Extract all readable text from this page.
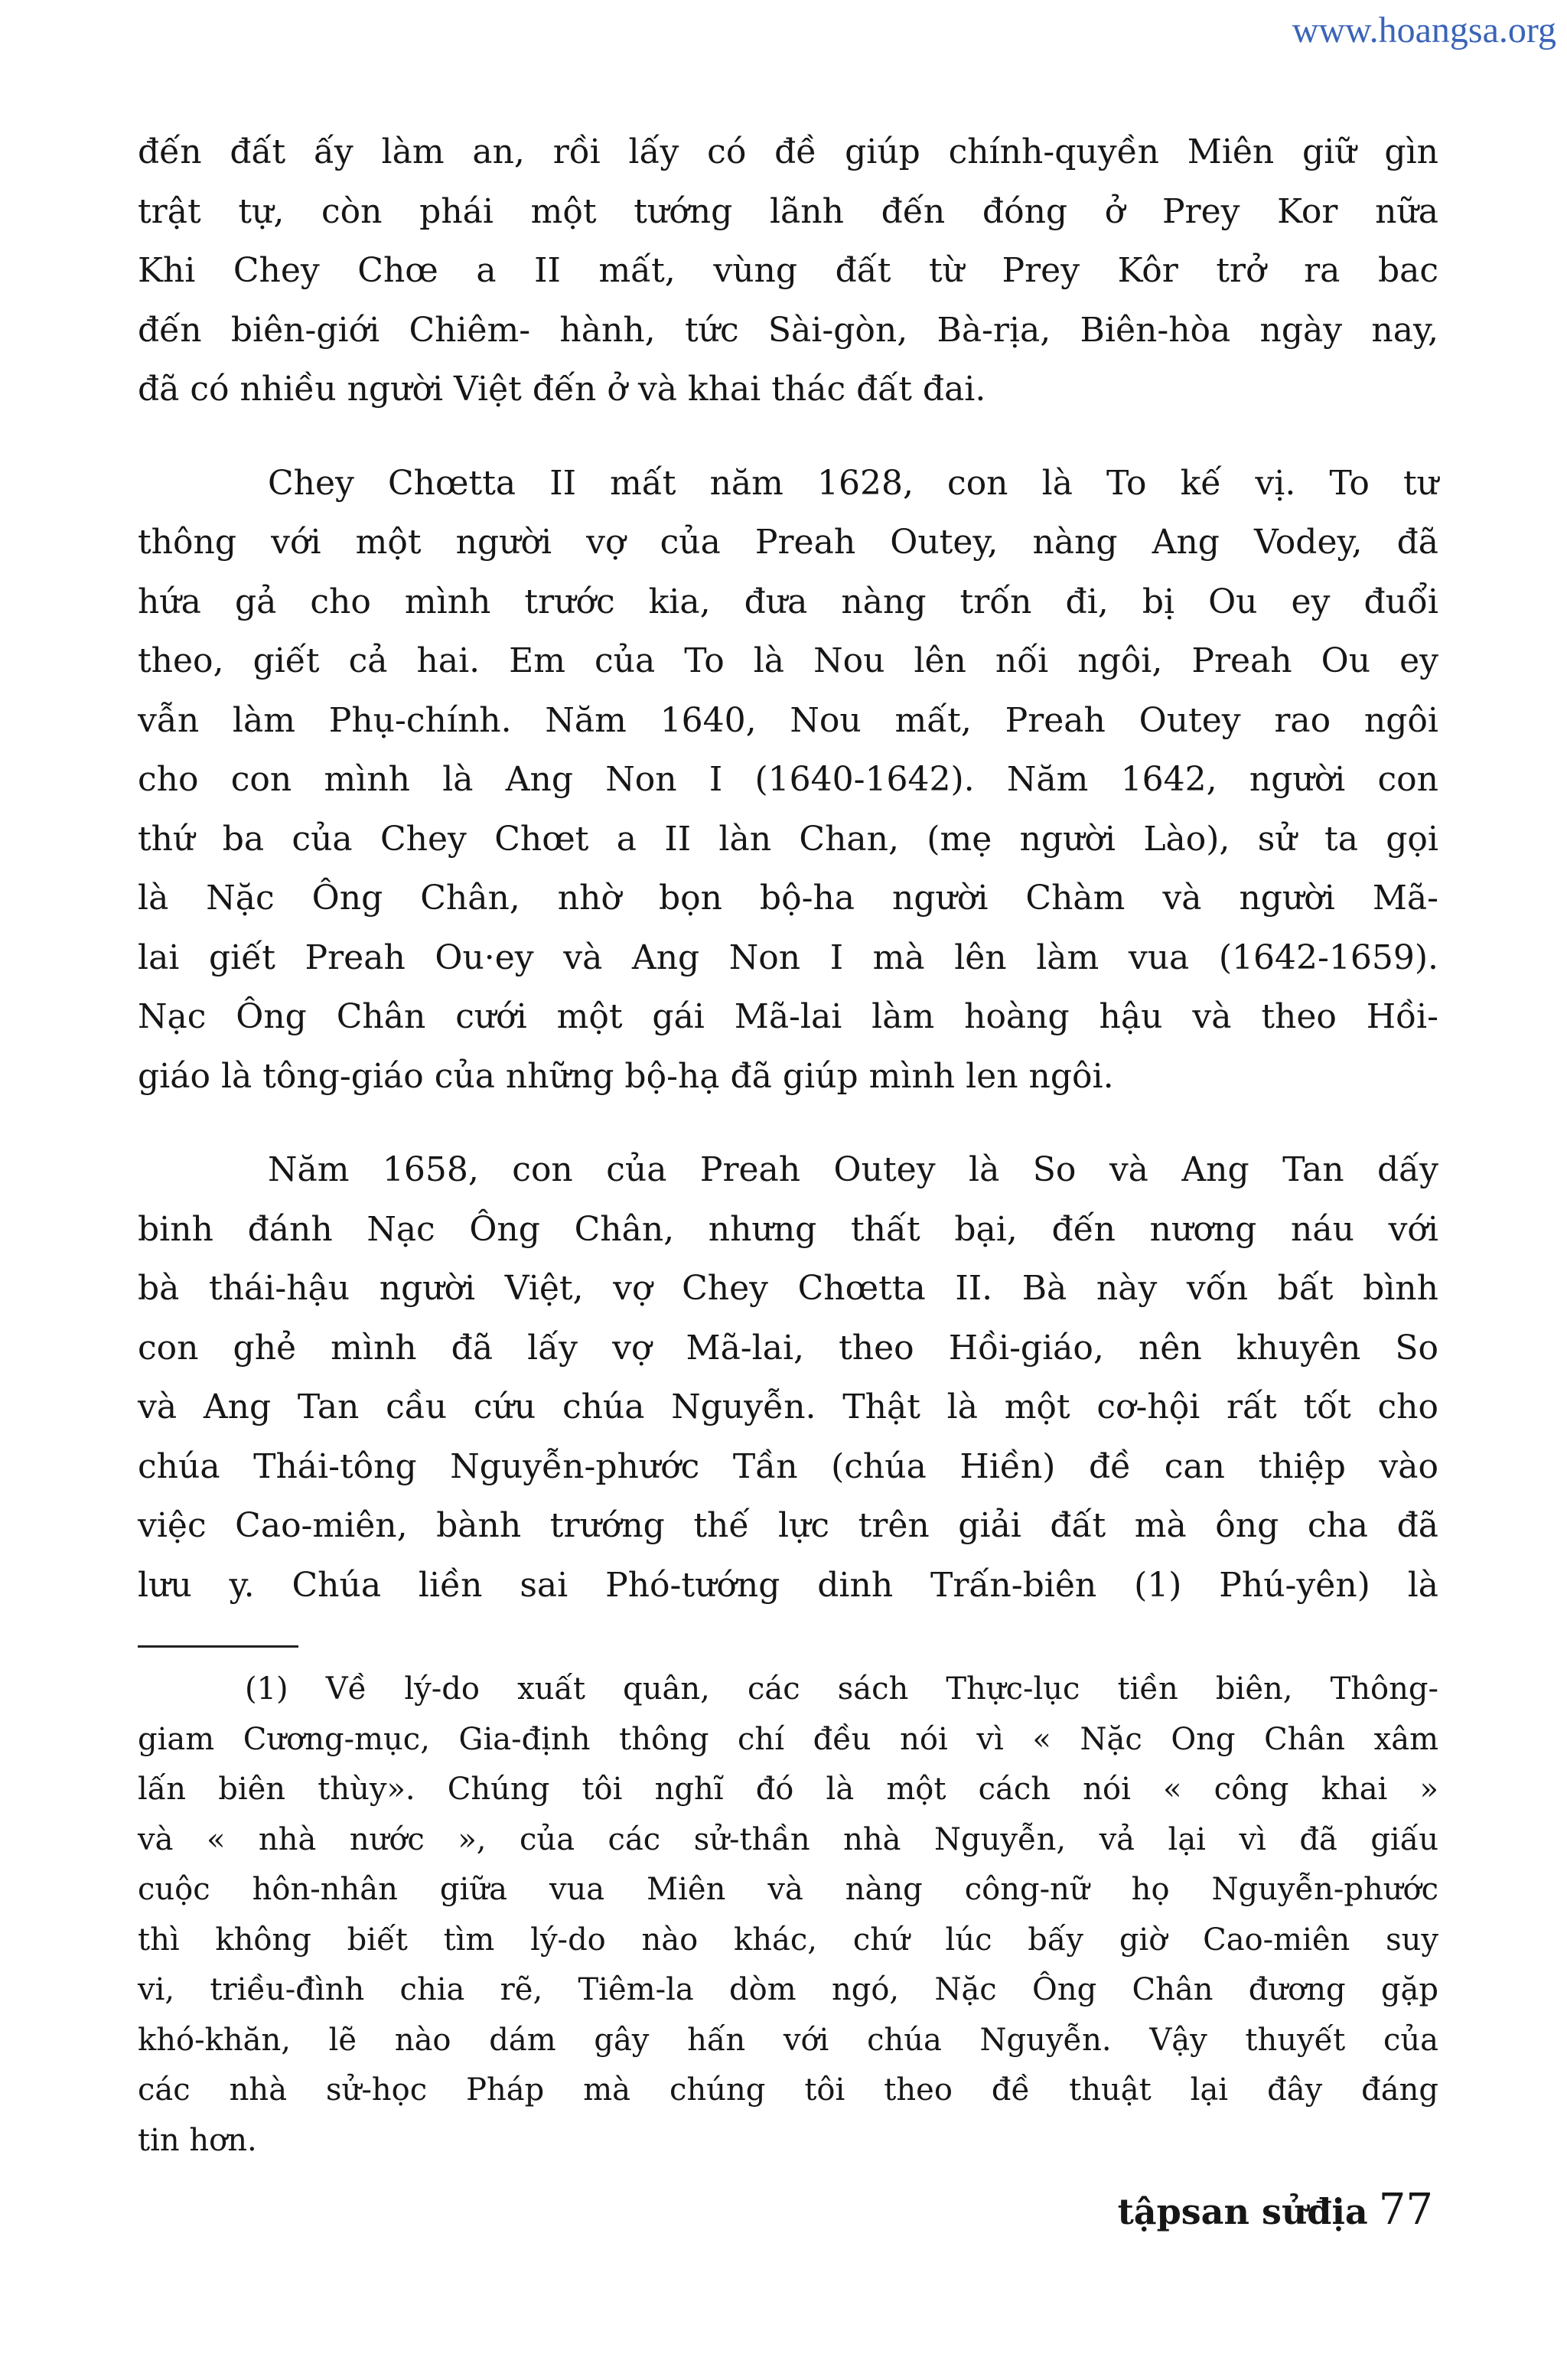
www.hoangsa.org
đến đất ấy làm an, rồi lấy có đề giúp chính-quyền Miên giữ gìn
trật tự, còn phái một tướng lãnh đến đóng ở Prey Kor nữa
Khi Chey Chœ a II mất, vùng đất từ Prey Kôr trở ra bac
đến biên-giới Chiêm- hành, tức Sài-gòn, Bà-rịa, Biên-hòa ngày nay,
đã có nhiều người Việt đến ở và khai thác đất đai.
Chey Chœtta II mất năm 1628, con là To kế vị. To tư
thông với một người vợ của Preah Outey, nàng Ang Vodey, đã
hứa gả cho mình trước kia, đưa nàng trốn đi, bị Ou ey đuổi
theo, giết cả hai. Em của To là Nou lên nối ngôi, Preah Ou ey
vẫn làm Phụ-chính. Năm 1640, Nou mất, Preah Outey rao ngôi
cho con mình là Ang Non I (1640-1642). Năm 1642, người con
thứ ba của Chey Chœt a II làn Chan, (mẹ người Lào), sử ta gọi
là Nặc Ông Chân, nhờ bọn bộ-ha người Chàm và người Mã-
lai giết Preah Ou·ey và Ang Non I mà lên làm vua (1642-1659).
Nạc Ông Chân cưới một gái Mã-lai làm hoàng hậu và theo Hồi-
giáo là tông-giáo của những bộ-hạ đã giúp mình len ngôi.
Năm 1658, con của Preah Outey là So và Ang Tan dấy
binh đánh Nạc Ông Chân, nhưng thất bại, đến nương náu với
bà thái-hậu người Việt, vợ Chey Chœtta II. Bà này vốn bất bình
con ghẻ mình đã lấy vợ Mã-lai, theo Hồi-giáo, nên khuyên So
và Ang Tan cầu cứu chúa Nguyễn. Thật là một cơ-hội rất tốt cho
chúa Thái-tông Nguyễn-phước Tần (chúa Hiền) đề can thiệp vào
việc Cao-miên, bành trướng thế lực trên giải đất mà ông cha đã
lưu y. Chúa liền sai Phó-tướng dinh Trấn-biên (1) Phú-yên) là
(1) Về lý-do xuất quân, các sách Thực-lục tiền biên, Thông-
giam Cương-mục, Gia-định thông chí đều nói vì « Nặc Ong Chân xâm
lấn biên thùy». Chúng tôi nghĩ đó là một cách nói « công khai »
và « nhà nước », của các sử-thần nhà Nguyễn, vả lại vì đã giấu
cuộc hôn-nhân giữa vua Miên và nàng công-nữ họ Nguyễn-phước
thì không biết tìm lý-do nào khác, chứ lúc bấy giờ Cao-miên suy
vi, triều-đình chia rẽ, Tiêm-la dòm ngó, Nặc Ông Chân đương gặp
khó-khăn, lẽ nào dám gây hấn với chúa Nguyễn. Vậy thuyết của
các nhà sử-học Pháp mà chúng tôi theo đề thuật lại đây đáng
tin hơn.
tậpsan sửđịa 77
